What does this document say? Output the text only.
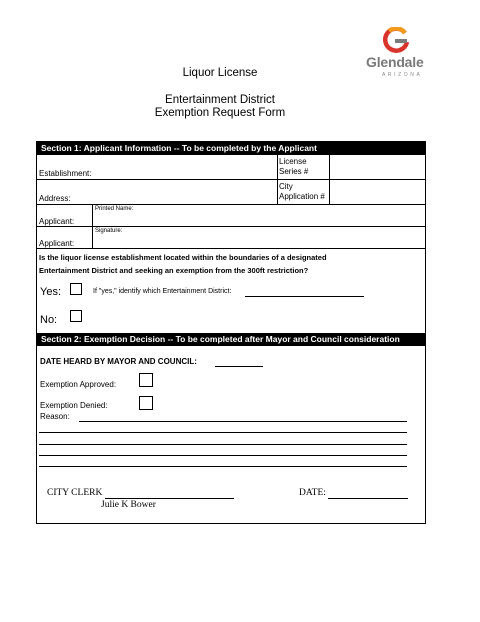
Glendale
ARIZONA
Liquor License
Entertainment District
Exemption Request Form
Section 1: Applicant Information -- To be completed by the Applicant
Establishment:
License
Series #
Address:
City
Application #
Printed Name:
Applicant:
Signature:
Applicant:
Is the liquor license establishment located within the boundaries of a designated
Entertainment District and seeking an exemption from the 300ft restriction?
Yes:	If "yes," identify which Entertainment District:
No:
Section 2: Exemption Decision -- To be completed after Mayor and Council consideration
DATE HEARD BY MAYOR AND COUNCIL:
Exemption Approved:
Exemption Denied:
Reason:
CITY CLERK	DATE:
Julie K Bower
